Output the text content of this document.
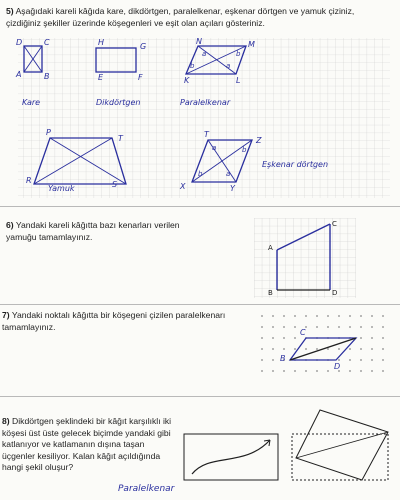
5) Aşağıdaki kareli kâğıda kare, dikdörtgen, paralelkenar, eşkenar dörtgen ve yamuk çiziniz, çizdiğiniz şekiller üzerinde köşegenleri ve eşit olan açıları gösteriniz.

D	C
A	B
H	G
E	F
N	M
K	L
a	b
b	a
P
T
R	S
T
Z
X	Y
a	b
b	a
Kare	Dikdörtgen	Paralelkenar
Yamuk
Eşkenar dörtgen

6) Yandaki kareli kâğıtta bazı kenarları verilen yamuğu tamamlayınız.

A
B
C
D

7) Yandaki noktalı kâğıtta bir köşegeni çizilen paralelkenarı tamamlayınız.

B
C
D

8) Dikdörtgen şeklindeki bir kâğıt karşılıklı iki köşesi üst üste gelecek biçimde yandaki gibi katlanıyor ve katlamanın dışına taşan üçgenler kesiliyor. Kalan kâğıt açıldığında hangi şekil oluşur?

Paralelkenar
